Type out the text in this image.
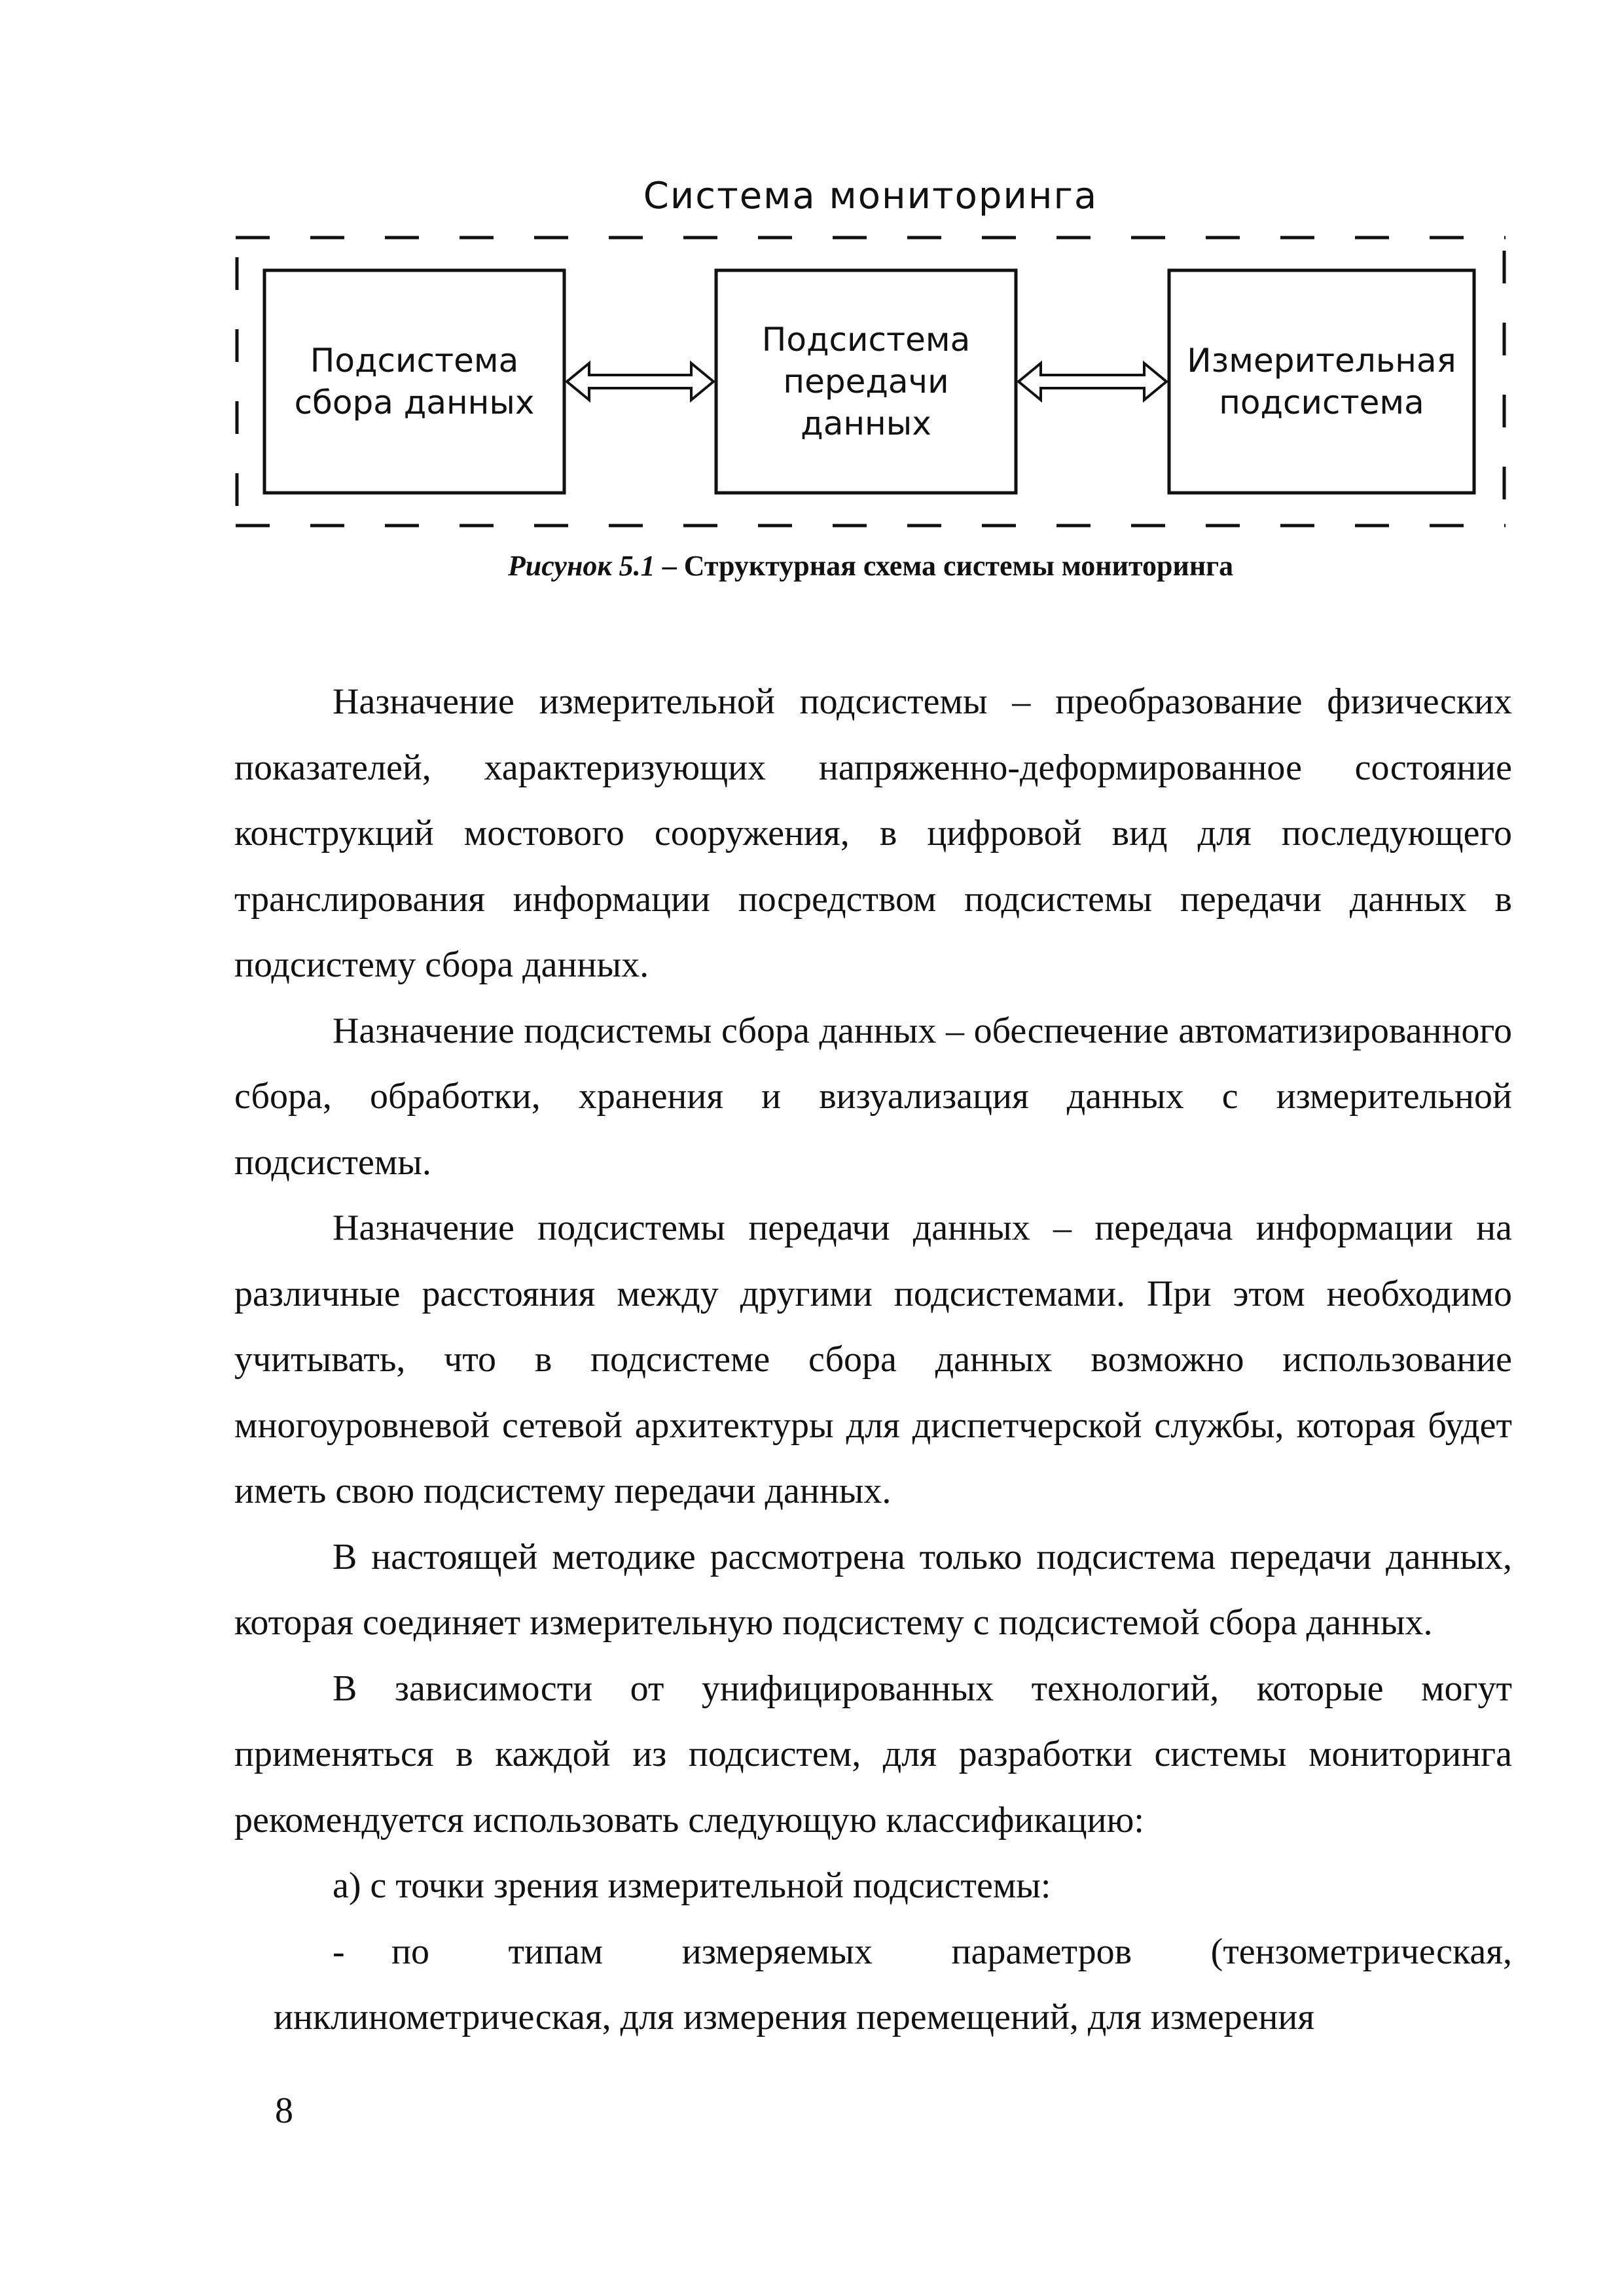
Система мониторинга
Подсистема
сбора данных
Подсистема
передачи
данных
Измерительная
подсистема
Рисунок 5.1 – Структурная схема системы мониторинга

Назначение измерительной подсистемы – преобразование физических показателей, характеризующих напряженно-деформированное состояние конструкций мостового сооружения, в цифровой вид для последующего транслирования информации посредством подсистемы передачи данных в подсистему сбора данных.

Назначение подсистемы сбора данных – обеспечение автоматизированного сбора, обработки, хранения и визуализация данных с измерительной подсистемы.

Назначение подсистемы передачи данных – передача информации на различные расстояния между другими подсистемами. При этом необходимо учитывать, что в подсистеме сбора данных возможно использование многоуровневой сетевой архитектуры для диспетчерской службы, которая будет иметь свою подсистему передачи данных.

В настоящей методике рассмотрена только подсистема передачи данных, которая соединяет измерительную подсистему с подсистемой сбора данных.

В зависимости от унифицированных технологий, которые могут применяться в каждой из подсистем, для разработки системы мониторинга рекомендуется использовать следующую классификацию:

а) с точки зрения измерительной подсистемы:

- по типам измеряемых параметров (тензометрическая, инклинометрическая, для измерения перемещений, для измерения

8
